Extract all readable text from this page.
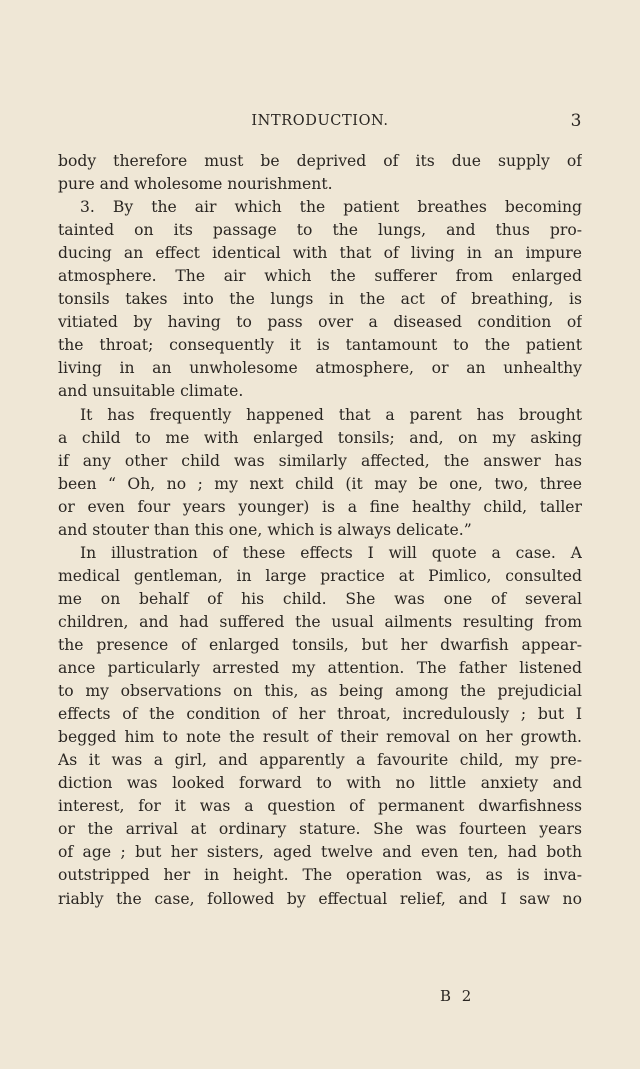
INTRODUCTION.	3
body therefore must be deprived of its due supply of
pure and wholesome nourishment.
3. By the air which the patient breathes becoming
tainted on its passage to the lungs, and thus pro-
ducing an effect identical with that of living in an impure
atmosphere. The air which the sufferer from enlarged
tonsils takes into the lungs in the act of breathing, is
vitiated by having to pass over a diseased condition of
the throat; consequently it is tantamount to the patient
living in an unwholesome atmosphere, or an unhealthy
and unsuitable climate.
It has frequently happened that a parent has brought
a child to me with enlarged tonsils; and, on my asking
if any other child was similarly affected, the answer has
been “ Oh, no ; my next child (it may be one, two, three
or even four years younger) is a fine healthy child, taller
and stouter than this one, which is always delicate.”
In illustration of these effects I will quote a case. A
medical gentleman, in large practice at Pimlico, consulted
me on behalf of his child. She was one of several
children, and had suffered the usual ailments resulting from
the presence of enlarged tonsils, but her dwarfish appear-
ance particularly arrested my attention. The father listened
to my observations on this, as being among the prejudicial
effects of the condition of her throat, incredulously ; but I
begged him to note the result of their removal on her growth.
As it was a girl, and apparently a favourite child, my pre-
diction was looked forward to with no little anxiety and
interest, for it was a question of permanent dwarfishness
or the arrival at ordinary stature. She was fourteen years
of age ; but her sisters, aged twelve and even ten, had both
outstripped her in height. The operation was, as is inva-
riably the case, followed by effectual relief, and I saw no
B 2
